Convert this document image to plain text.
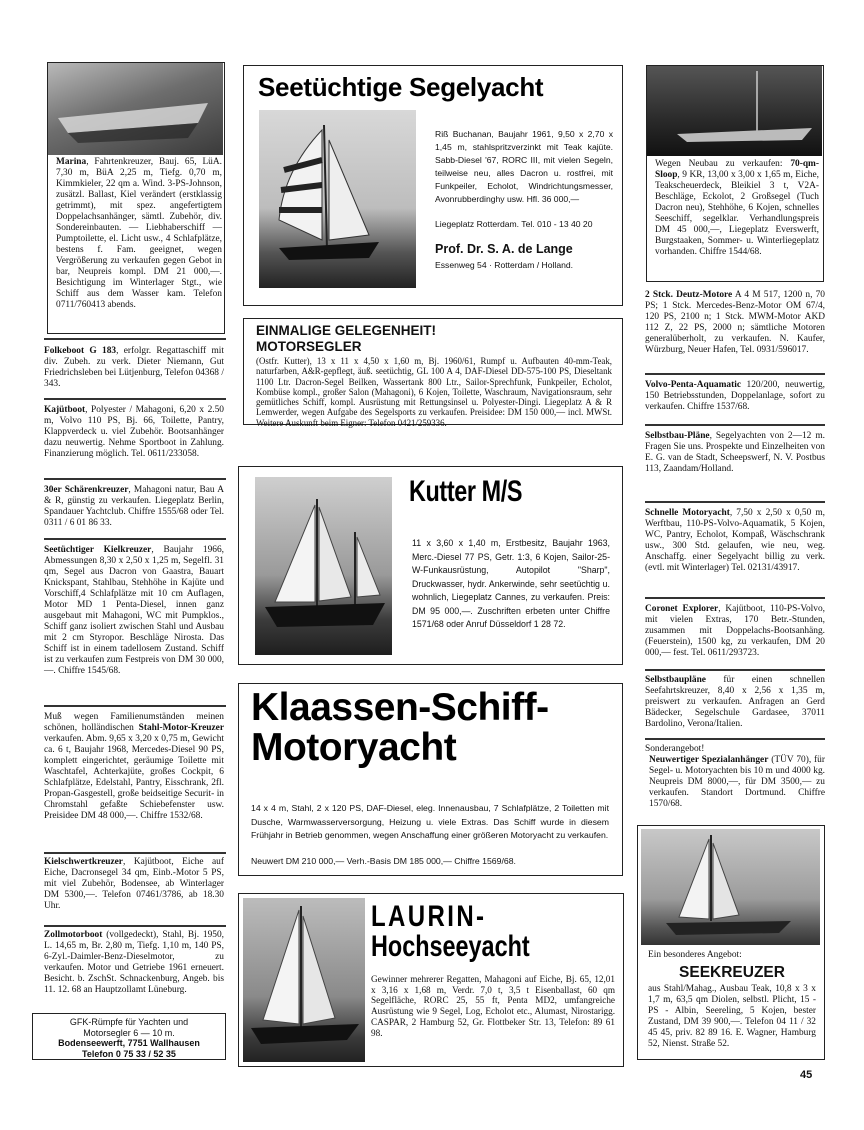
Marina, Fahrtenkreuzer, Bauj. 65, LüA. 7,30 m, BüA 2,25 m, Tiefg. 0,70 m, Kimmkieler, 22 qm a. Wind. 3-PS-Johnson, zusätzl. Ballast, Kiel verändert (erstklassig getrimmt), mit spez. angefertigtem Doppelachsanhänger, sämtl. Zubehör, div. Sondereinbauten. — Liebhaberschiff — Pumptoilette, el. Licht usw., 4 Schlafplätze, bestens f. Fam. geeignet, wegen Vergrößerung zu verkaufen gegen Gebot in bar, Neupreis kompl. DM 21 000,—. Besichtigung im Winterlager Stgt., wie Schiff aus dem Wasser kam. Telefon 0711/760413 abends.
Folkeboot G 183, erfolgr. Regattaschiff mit div. Zubeh. zu verk. Dieter Niemann, Gut Friedrichsleben bei Lütjenburg, Telefon 04368 / 343.
Kajütboot, Polyester / Mahagoni, 6,20 x 2.50 m, Volvo 110 PS, Bj. 66, Toilette, Pantry, Klappverdeck u. viel Zubehör. Bootsanhänger dazu neuwertig. Nehme Sportboot in Zahlung. Finanzierung möglich. Tel. 0611/233058.
30er Schärenkreuzer, Mahagoni natur, Bau A & R, günstig zu verkaufen. Liegeplatz Berlin, Spandauer Yachtclub. Chiffre 1555/68 oder Tel. 0311 / 6 01 86 33.
Seetüchtiger Kielkreuzer, Baujahr 1966, Abmessungen 8,30 x 2,50 x 1,25 m, Segelfl. 31 qm, Segel aus Dacron von Gaastra, Bauart Knickspant, Stahlbau, Stehhöhe in Kajüte und Vorschiff,4 Schlafplätze mit 10 cm Auflagen, Motor MD 1 Penta-Diesel, innen ganz ausgebaut mit Mahagoni, WC mit Pumpklos., Schiff ganz isoliert zwischen Stahl und Ausbau mit 2 cm Styropor. Beschläge Nirosta. Das Schiff ist in einem tadellosem Zustand. Schiff ist zu verkaufen zum Festpreis von DM 30 000,—. Chiffre 1545/68.
Muß wegen Familienumständen meinen schönen, holländischen Stahl-Motor-Kreuzer verkaufen. Abm. 9,65 x 3,20 x 0,75 m, Gewicht ca. 6 t, Baujahr 1968, Mercedes-Diesel 90 PS, komplett eingerichtet, geräumige Toilette mit Waschtafel, Achterkajüte, großes Cockpit, 6 Schlafplätze, Edelstahl, Pantry, Eisschrank, 2fl. Propan-Gasgestell, große beidseitige Securit- in Chromstahl gefaßte Schiebefenster usw. Preisidee DM 48 000,—. Chiffre 1532/68.
Kielschwertkreuzer, Kajütboot, Eiche auf Eiche, Dacronsegel 34 qm, Einb.-Motor 5 PS, mit viel Zubehör, Bodensee, ab Winterlager DM 5300,—. Telefon 07461/3786, ab 18.30 Uhr.
Zollmotorboot (vollgedeckt), Stahl, Bj. 1950, L. 14,65 m, Br. 2,80 m, Tiefg. 1,10 m, 140 PS, 6-Zyl.-Daimler-Benz-Dieselmotor, zu verkaufen. Motor und Getriebe 1961 erneuert. Besicht. b. ZschSt. Schnackenburg, Angeb. bis 11. 12. 68 an Hauptzollamt Lüneburg.
GFK-Rümpfe für Yachten und
Motorsegler 6 — 10 m.
Bodenseewerft, 7751 Wallhausen
Telefon 0 75 33 / 52 35
Seetüchtige Segelyacht
Riß Buchanan, Baujahr 1961, 9,50 x 2,70 x 1,45 m, stahlspritzverzinkt mit Teak kajüte. Sabb-Diesel '67, RORC III, mit vielen Segeln, teilweise neu, alles Dacron u. rostfrei, mit Funkpeiler, Echolot, Windrichtungsmesser, Avonrubberdinghy usw. Hfl. 36 000,—
Liegeplatz Rotterdam. Tel. 010 - 13 40 20
Prof. Dr. S. A. de Lange
Essenweg 54 · Rotterdam / Holland.
EINMALIGE GELEGENHEIT!
MOTORSEGLER
(Ostfr. Kutter), 13 x 11 x 4,50 x 1,60 m, Bj. 1960/61, Rumpf u. Aufbauten 40-mm-Teak, naturfarben, A&R-gepflegt, äuß. seetüchtig, GL 100 A 4, DAF-Diesel DD-575-100 PS, Dieseltank 1100 Ltr. Dacron-Segel Beilken, Wassertank 800 Ltr., Sailor-Sprechfunk, Funkpeiler, Echolot, Kombüse kompl., großer Salon (Mahagoni), 6 Kojen, Toilette, Waschraum, Navigationsraum, sehr gemütliches Schiff, kompl. Ausrüstung mit Rettungsinsel u. Polyester-Dingi. Liegeplatz A & R Lemwerder, wegen Aufgabe des Segelsports zu verkaufen. Preisidee: DM 150 000,— incl. MWSt. Weitere Auskunft beim Eigner: Telefon 0421/259336.
Kutter M/S
11 x 3,60 x 1,40 m, Erstbesitz, Baujahr 1963, Merc.-Diesel 77 PS, Getr. 1:3, 6 Kojen, Sailor-25-W-Funkausrüstung, Autopilot "Sharp", Druckwasser, hydr. Ankerwinde, sehr seetüchtig u. wohnlich, Liegeplatz Cannes, zu verkaufen. Preis: DM 95 000,—. Zuschriften erbeten unter Chiffre 1571/68 oder Anruf Düsseldorf 1 28 72.
Klaassen-Schiff-
Motoryacht
14 x 4 m, Stahl, 2 x 120 PS, DAF-Diesel, eleg. Innenausbau, 7 Schlafplätze, 2 Toiletten mit Dusche, Warmwasserversorgung, Heizung u. viele Extras. Das Schiff wurde in diesem Frühjahr in Betrieb genommen, wegen Anschaffung einer größeren Motoryacht zu verkaufen.
Neuwert DM 210 000,— Verh.-Basis DM 185 000,— Chiffre 1569/68.
LAURIN-
Hochseeyacht
Gewinner mehrerer Regatten, Mahagoni auf Eiche, Bj. 65, 12,01 x 3,16 x 1,68 m, Verdr. 7,0 t, 3,5 t Eisenballast, 60 qm Segelfläche, RORC 25, 55 ft, Penta MD2, umfangreiche Ausrüstung wie 9 Segel, Log, Echolot etc., Alumast, Nirostarigg. CASPAR, 2 Hamburg 52, Gr. Flottbeker Str. 13, Telefon: 89 61 98.
Wegen Neubau zu verkaufen: 70-qm-Sloop, 9 KR, 13,00 x 3,00 x 1,65 m, Eiche, Teakscheuerdeck, Bleikiel 3 t, V2A-Beschläge, Eckolot, 2 Großsegel (Tuch Dacron neu), Stehhöhe, 6 Kojen, schnelles Seeschiff, segelklar. Verhandlungspreis DM 45 000,—, Liegeplatz Everswerft, Burgstaaken, Sommer- u. Winterliegeplatz vorhanden. Chiffre 1544/68.
2 Stck. Deutz-Motore A 4 M 517, 1200 n, 70 PS; 1 Stck. Mercedes-Benz-Motor OM 67/4, 120 PS, 2100 n; 1 Stck. MWM-Motor AKD 112 Z, 22 PS, 2000 n; sämtliche Motoren generalüberholt, zu verkaufen. N. Kaufer, Würzburg, Neuer Hafen, Tel. 0931/596017.
Volvo-Penta-Aquamatic 120/200, neuwertig, 150 Betriebsstunden, Doppelanlage, sofort zu verkaufen. Chiffre 1537/68.
Selbstbau-Pläne, Segelyachten von 2—12 m. Fragen Sie uns. Prospekte und Einzelheiten von E. G. van de Stadt, Scheepswerf, N. V. Postbus 113, Zaandam/Holland.
Schnelle Motoryacht, 7,50 x 2,50 x 0,50 m, Werftbau, 110-PS-Volvo-Aquamatik, 5 Kojen, WC, Pantry, Echolot, Kompaß, Wäschschrank usw., 300 Std. gelaufen, wie neu, weg. Anschaffg. einer Segelyacht billig zu verk. (evtl. mit Winterlager) Tel. 02131/43917.
Coronet Explorer, Kajütboot, 110-PS-Volvo, mit vielen Extras, 170 Betr.-Stunden, zusammen mit Doppelachs-Bootsanhäng. (Feuerstein), 1500 kg, zu verkaufen, DM 20 000,— fest. Tel. 0611/293723.
Selbstbaupläne für einen schnellen Seefahrtskreuzer, 8,40 x 2,56 x 1,35 m, preiswert zu verkaufen. Anfragen an Gerd Bädecker, Segelschule Gardasee, 37011 Bardolino, Verona/Italien.
Sonderangebot!
Neuwertiger Spezialanhänger (TÜV 70), für Segel- u. Motoryachten bis 10 m und 4000 kg. Neupreis DM 8000,—, für DM 3500,— zu verkaufen. Standort Dortmund. Chiffre 1570/68.
Ein besonderes Angebot:
SEEKREUZER
aus Stahl/Mahag., Ausbau Teak, 10,8 x 3 x 1,7 m, 63,5 qm Diolen, selbstl. Plicht, 15 - PS - Albin, Seereling, 5 Kojen, bester Zustand, DM 39 900,—. Telefon 04 11 / 32 45 45, priv. 82 89 16. E. Wagner, Hamburg 52, Nienst. Straße 52.
45
